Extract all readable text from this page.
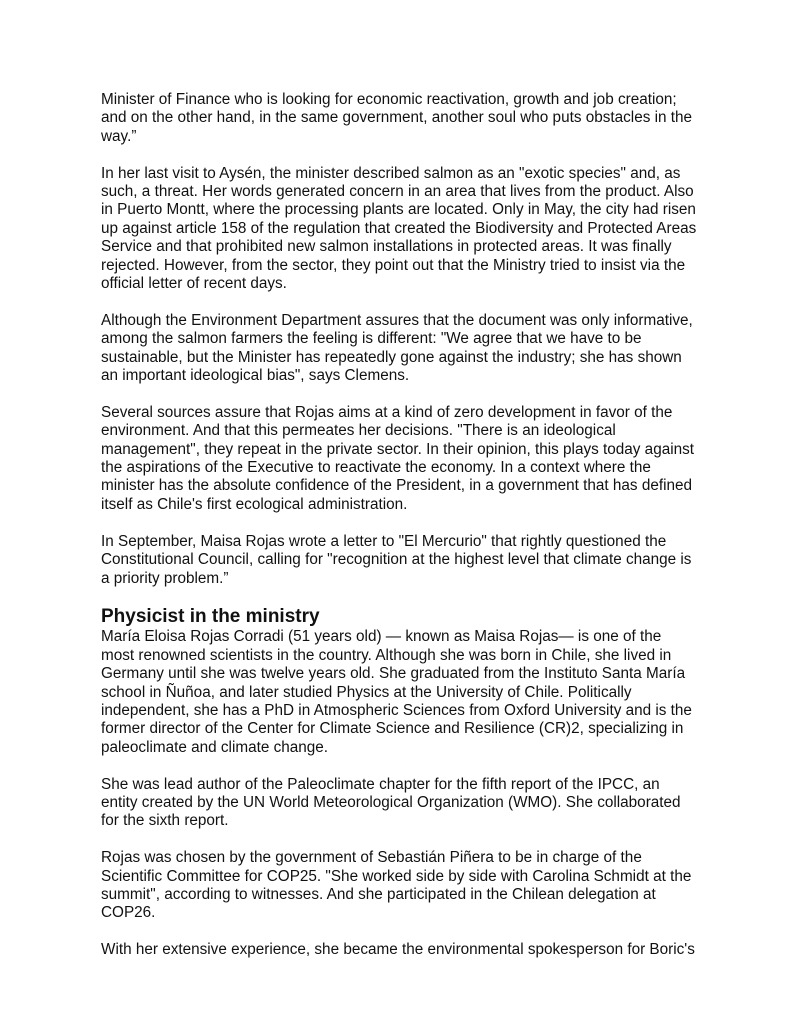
Minister of Finance who is looking for economic reactivation, growth and job creation;
and on the other hand, in the same government, another soul who puts obstacles in the
way.”

In her last visit to Aysén, the minister described salmon as an "exotic species" and, as
such, a threat. Her words generated concern in an area that lives from the product. Also
in Puerto Montt, where the processing plants are located. Only in May, the city had risen
up against article 158 of the regulation that created the Biodiversity and Protected Areas
Service and that prohibited new salmon installations in protected areas. It was finally
rejected. However, from the sector, they point out that the Ministry tried to insist via the
official letter of recent days.

Although the Environment Department assures that the document was only informative,
among the salmon farmers the feeling is different: "We agree that we have to be
sustainable, but the Minister has repeatedly gone against the industry; she has shown
an important ideological bias", says Clemens.

Several sources assure that Rojas aims at a kind of zero development in favor of the
environment. And that this permeates her decisions. "There is an ideological
management", they repeat in the private sector. In their opinion, this plays today against
the aspirations of the Executive to reactivate the economy. In a context where the
minister has the absolute confidence of the President, in a government that has defined
itself as Chile's first ecological administration.

In September, Maisa Rojas wrote a letter to "El Mercurio" that rightly questioned the
Constitutional Council, calling for "recognition at the highest level that climate change is
a priority problem.”

Physicist in the ministry

María Eloisa Rojas Corradi (51 years old) — known as Maisa Rojas— is one of the
most renowned scientists in the country. Although she was born in Chile, she lived in
Germany until she was twelve years old. She graduated from the Instituto Santa María
school in Ñuñoa, and later studied Physics at the University of Chile. Politically
independent, she has a PhD in Atmospheric Sciences from Oxford University and is the
former director of the Center for Climate Science and Resilience (CR)2, specializing in
paleoclimate and climate change.

She was lead author of the Paleoclimate chapter for the fifth report of the IPCC, an
entity created by the UN World Meteorological Organization (WMO). She collaborated
for the sixth report.

Rojas was chosen by the government of Sebastián Piñera to be in charge of the
Scientific Committee for COP25. "She worked side by side with Carolina Schmidt at the
summit", according to witnesses. And she participated in the Chilean delegation at
COP26.

With her extensive experience, she became the environmental spokesperson for Boric's
